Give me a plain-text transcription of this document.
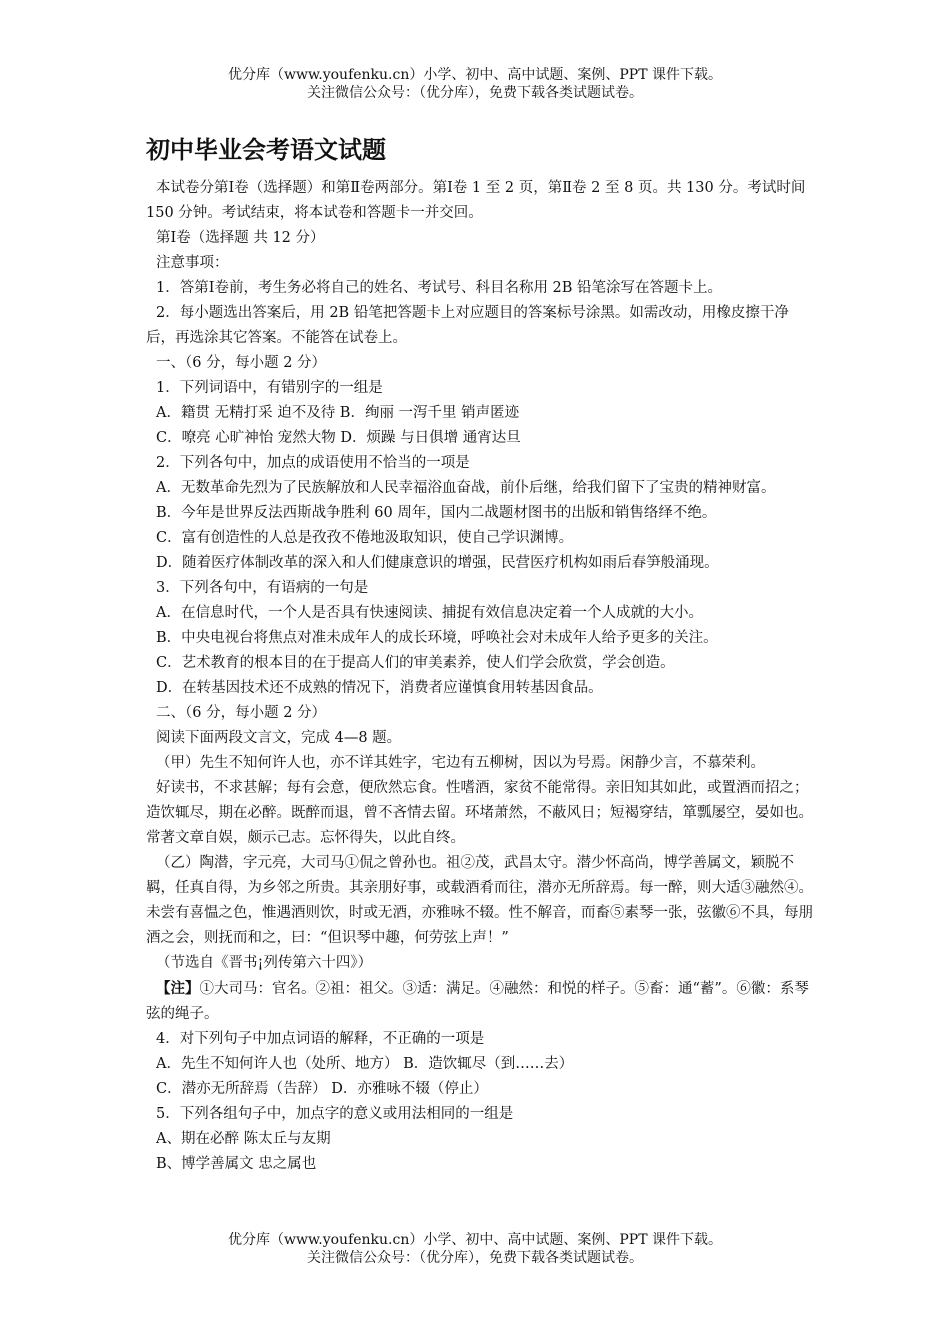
优分库（www.youfenku.cn）小学、初中、高中试题、案例、PPT 课件下载。
关注微信公众号：（优分库），免费下载各类试题试卷。
初中毕业会考语文试题

本试卷分第Ⅰ卷（选择题）和第Ⅱ卷两部分。第Ⅰ卷 1 至 2 页，第Ⅱ卷 2 至 8 页。共 130 分。考试时间 150 分钟。考试结束，将本试卷和答题卡一并交回。

第Ⅰ卷（选择题 共 12 分）

注意事项：

1．答第Ⅰ卷前，考生务必将自己的姓名、考试号、科目名称用 2B 铅笔涂写在答题卡上。

2．每小题选出答案后，用 2B 铅笔把答题卡上对应题目的答案标号涂黑。如需改动，用橡皮擦干净后，再选涂其它答案。不能答在试卷上。

一、（6 分，每小题 2 分）

1．下列词语中，有错别字的一组是

A．籍贯 无精打采 迫不及待 B．绚丽 一泻千里 销声匿迹

C．嘹亮 心旷神怡 宠然大物 D．烦躁 与日俱增 通宵达旦

2．下列各句中，加点的成语使用不恰当的一项是

A．无数革命先烈为了民族解放和人民幸福浴血奋战，前仆后继，给我们留下了宝贵的精神财富。

B．今年是世界反法西斯战争胜利 60 周年，国内二战题材图书的出版和销售络绎不绝。

C．富有创造性的人总是孜孜不倦地汲取知识，使自己学识渊博。

D．随着医疗体制改革的深入和人们健康意识的增强，民营医疗机构如雨后春笋般涌现。

3．下列各句中，有语病的一句是

A．在信息时代，一个人是否具有快速阅读、捕捉有效信息决定着一个人成就的大小。

B．中央电视台将焦点对准未成年人的成长环境，呼唤社会对未成年人给予更多的关注。

C．艺术教育的根本目的在于提高人们的审美素养，使人们学会欣赏，学会创造。

D．在转基因技术还不成熟的情况下，消费者应谨慎食用转基因食品。

二、（6 分，每小题 2 分）

阅读下面两段文言文，完成 4—8 题。

（甲）先生不知何许人也，亦不详其姓字，宅边有五柳树，因以为号焉。闲静少言，不慕荣利。

好读书，不求甚解；每有会意，便欣然忘食。性嗜酒，家贫不能常得。亲旧知其如此，或置酒而招之；造饮辄尽，期在必醉。既醉而退，曾不吝情去留。环堵萧然，不蔽风日；短褐穿结，箪瓢屡空，晏如也。常著文章自娱，颇示己志。忘怀得失，以此自终。

（乙）陶潜，字元亮，大司马①侃之曾孙也。祖②茂，武昌太守。潜少怀高尚，博学善属文，颖脱不羁，任真自得，为乡邻之所贵。其亲朋好事，或载酒肴而往，潜亦无所辞焉。每一醉，则大适③融然④。未尝有喜愠之色，惟遇酒则饮，时或无酒，亦雅咏不辍。性不解音，而畜⑤素琴一张，弦徽⑥不具，每朋酒之会，则抚而和之，曰：“但识琴中趣，何劳弦上声！”

（节选自《晋书¡列传第六十四》）

【注】①大司马：官名。②祖：祖父。③适：满足。④融然：和悦的样子。⑤畜：通“蓄”。⑥徽：系琴弦的绳子。

4．对下列句子中加点词语的解释，不正确的一项是

A．先生不知何许人也（处所、地方） B．造饮辄尽（到……去）

C．潜亦无所辞焉（告辞） D．亦雅咏不辍（停止）

5．下列各组句子中，加点字的意义或用法相同的一组是

A、期在必醉 陈太丘与友期

B、博学善属文 忠之属也

优分库（www.youfenku.cn）小学、初中、高中试题、案例、PPT 课件下载。
关注微信公众号：（优分库），免费下载各类试题试卷。
